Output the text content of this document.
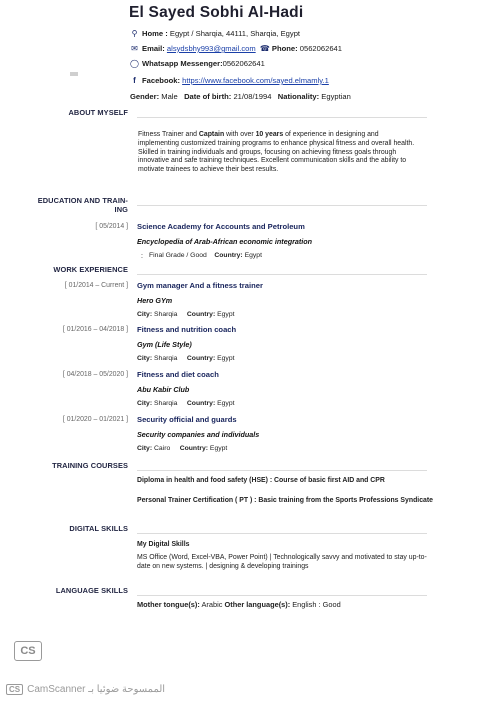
El Sayed Sobhi Al-Hadi
⚲ Home : Egypt / Sharqia, 44111, Sharqia, Egypt
✉ Email: alsydsbhy993@gmail.com ☎ Phone: 0562062641
◯ Whatsapp Messenger:0562062641
f Facebook: https://www.facebook.com/sayed.elmamly.1
Gender: Male Date of birth: 21/08/1994 Nationality: Egyptian
ABOUT MYSELF
Fitness Trainer and Captain with over 10 years of experience in designing and implementing customized training programs to enhance physical fitness and overall health. Skilled in training individuals and groups, focusing on achieving fitness goals through innovative and safe training techniques. Excellent communication skills and the ability to motivate trainees to achieve their best results.
EDUCATION AND TRAIN-
ING
[ 05/2014 ] Science Academy for Accounts and Petroleum
Encyclopedia of Arab-African economic integration
Final Grade / Good Country: Egypt
:
WORK EXPERIENCE
[ 01/2014 – Current ] Gym manager And a fitness trainer
Hero GYm
City: Sharqia Country: Egypt
[ 01/2016 – 04/2018 ] Fitness and nutrition coach
Gym (Life Style)
City: Sharqia Country: Egypt
[ 04/2018 – 05/2020 ] Fitness and diet coach
Abu Kabir Club
City: Sharqia Country: Egypt
[ 01/2020 – 01/2021 ] Security official and guards
Security companies and individuals
City: Cairo Country: Egypt
TRAINING COURSES
Diploma in health and food safety (HSE) : Course of basic first AID and CPR
Personal Trainer Certification ( PT ) : Basic training from the Sports Professions Syndicate
DIGITAL SKILLS
My Digital Skills
MS Office (Word, Excel-VBA, Power Point) | Technologically savvy and motivated to stay up-to-date on new systems. | designing & developing trainings
LANGUAGE SKILLS
Mother tongue(s): Arabic Other language(s): English : Good
CS
CS CamScanner الممسوحة ضوئيا بـ
